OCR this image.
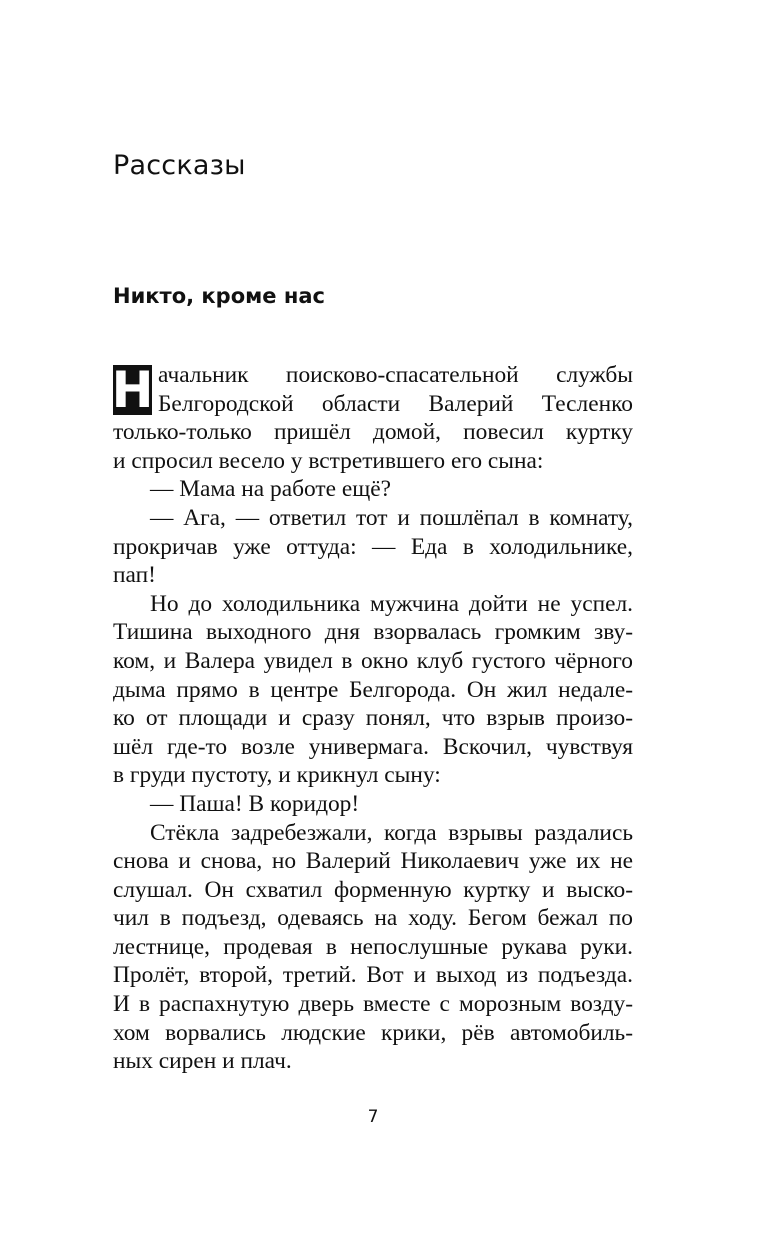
Рассказы
Никто, кроме нас
Н ачальник поисково-спасательной службы
Белгородской области Валерий Тесленко
только-только пришёл домой, повесил куртку
и спросил весело у встретившего его сына:
— Мама на работе ещё?
— Ага, — ответил тот и пошлёпал в комнату,
прокричав уже оттуда: — Еда в холодильнике,
пап!
Но до холодильника мужчина дойти не успел.
Тишина выходного дня взорвалась громким зву-
ком, и Валера увидел в окно клуб густого чёрного
дыма прямо в центре Белгорода. Он жил недале-
ко от площади и сразу понял, что взрыв произо-
шёл где-то возле универмага. Вскочил, чувствуя
в груди пустоту, и крикнул сыну:
— Паша! В коридор!
Стёкла задребезжали, когда взрывы раздались
снова и снова, но Валерий Николаевич уже их не
слушал. Он схватил форменную куртку и выско-
чил в подъезд, одеваясь на ходу. Бегом бежал по
лестнице, продевая в непослушные рукава руки.
Пролёт, второй, третий. Вот и выход из подъезда.
И в распахнутую дверь вместе с морозным возду-
хом ворвались людские крики, рёв автомобиль-
ных сирен и плач.
7
